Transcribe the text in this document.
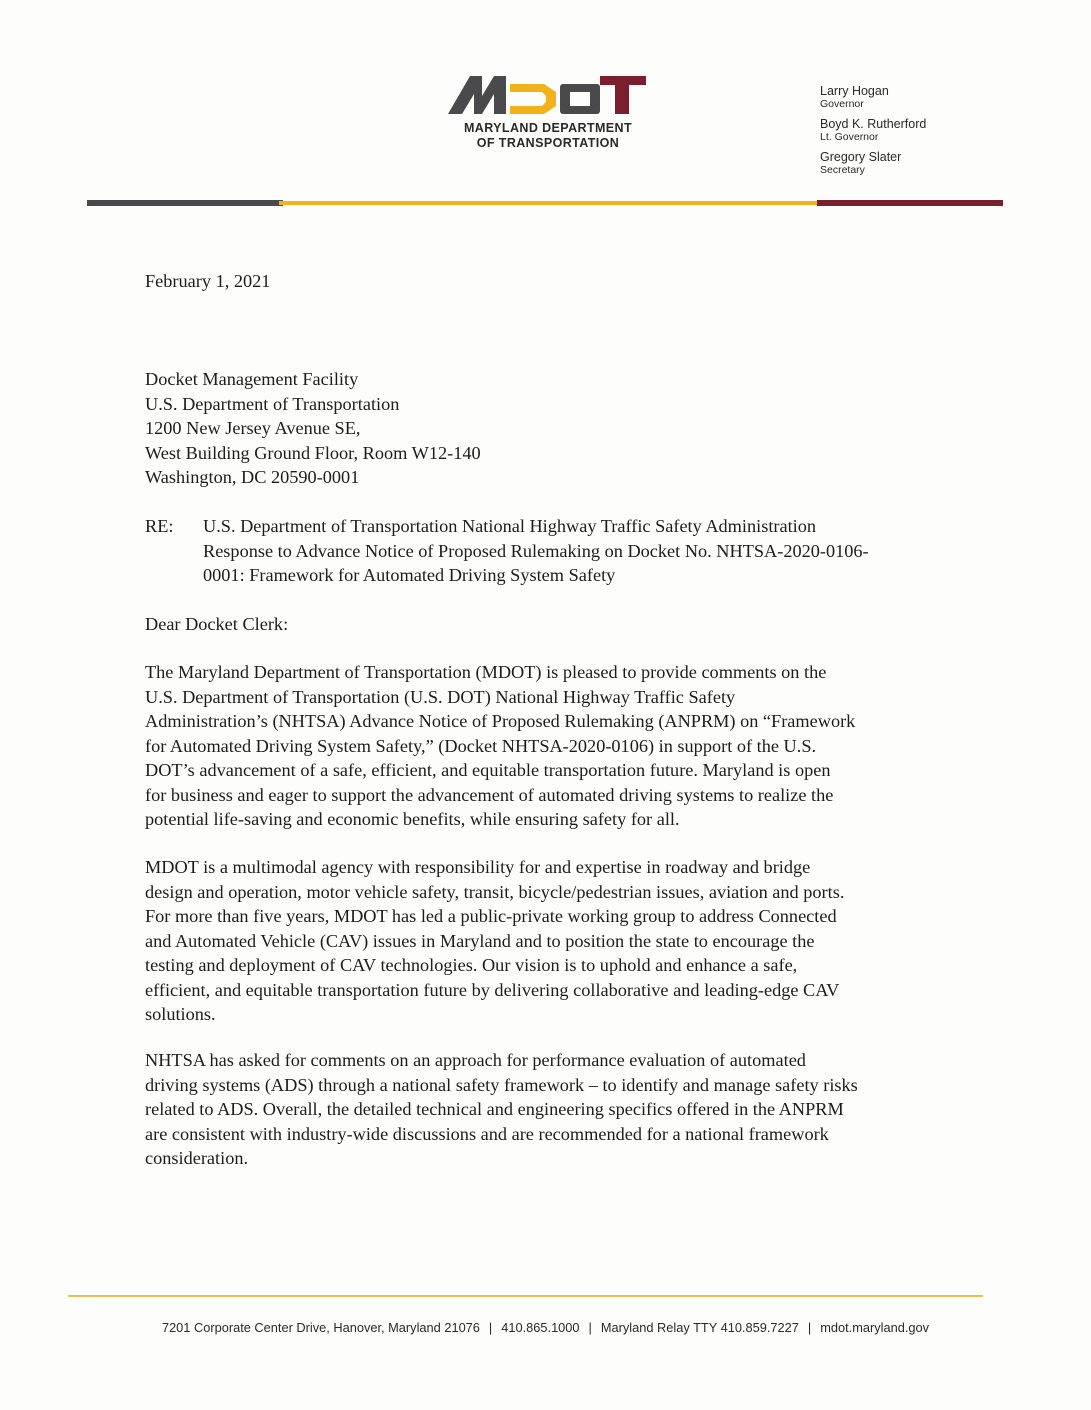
MARYLAND DEPARTMENT
OF TRANSPORTATION
Larry Hogan
Governor
Boyd K. Rutherford
Lt. Governor
Gregory Slater
Secretary
February 1, 2021
Docket Management Facility
U.S. Department of Transportation
1200 New Jersey Avenue SE,
West Building Ground Floor, Room W12-140
Washington, DC 20590-0001
RE: U.S. Department of Transportation National Highway Traffic Safety Administration
Response to Advance Notice of Proposed Rulemaking on Docket No. NHTSA-2020-0106-
0001: Framework for Automated Driving System Safety
Dear Docket Clerk:
The Maryland Department of Transportation (MDOT) is pleased to provide comments on the
U.S. Department of Transportation (U.S. DOT) National Highway Traffic Safety
Administration’s (NHTSA) Advance Notice of Proposed Rulemaking (ANPRM) on “Framework
for Automated Driving System Safety,” (Docket NHTSA-2020-0106) in support of the U.S.
DOT’s advancement of a safe, efficient, and equitable transportation future. Maryland is open
for business and eager to support the advancement of automated driving systems to realize the
potential life-saving and economic benefits, while ensuring safety for all.
MDOT is a multimodal agency with responsibility for and expertise in roadway and bridge
design and operation, motor vehicle safety, transit, bicycle/pedestrian issues, aviation and ports.
For more than five years, MDOT has led a public-private working group to address Connected
and Automated Vehicle (CAV) issues in Maryland and to position the state to encourage the
testing and deployment of CAV technologies. Our vision is to uphold and enhance a safe,
efficient, and equitable transportation future by delivering collaborative and leading-edge CAV
solutions.
NHTSA has asked for comments on an approach for performance evaluation of automated
driving systems (ADS) through a national safety framework – to identify and manage safety risks
related to ADS. Overall, the detailed technical and engineering specifics offered in the ANPRM
are consistent with industry-wide discussions and are recommended for a national framework
consideration.
7201 Corporate Center Drive, Hanover, Maryland 21076 | 410.865.1000 | Maryland Relay TTY 410.859.7227 | mdot.maryland.gov
